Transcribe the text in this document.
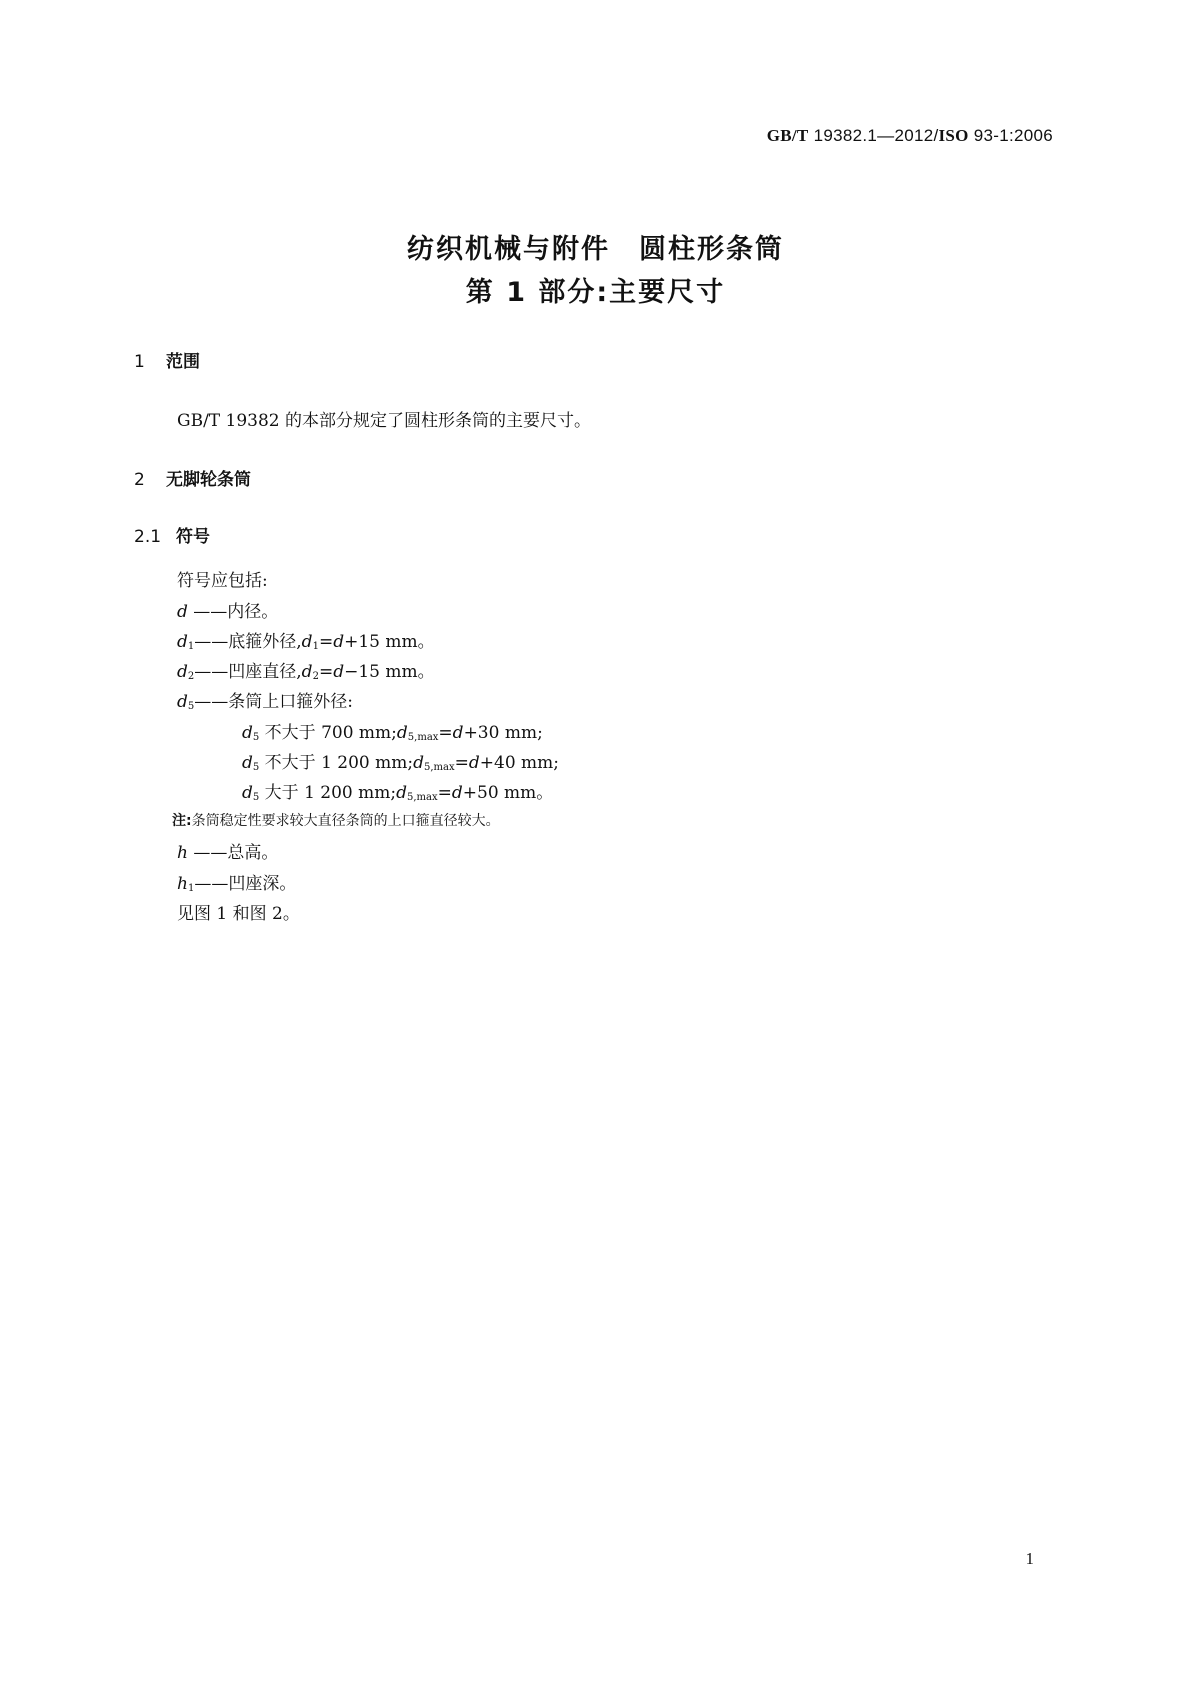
GB/T 19382.1—2012/ISO 93-1:2006
纺织机械与附件　圆柱形条筒
第 1 部分:主要尺寸
1 范围
GB/T 19382 的本部分规定了圆柱形条筒的主要尺寸。
2 无脚轮条筒
2.1 符号
符号应包括:
d ——内径。
$d_1——$底箍外径$,d_1=d+15$ mm。
$d_2——$凹座直径$,d_2=d-15$ mm。
$d_5——$条筒上口箍外径:
$d_5$ 不大于 700 $mm;d_{5,max}=d+30$ mm;
$d_5$ 不大于 1 200 $mm;d_{5,max}=d+40$ mm;
$d_5$ 大于 1 200 $mm;d_{5,max}=d+50$ mm。
注:条筒稳定性要求较大直径条筒的上口箍直径较大。
h ——总高。
$h_1——$凹座深。
见图 1 和图 2。
1
